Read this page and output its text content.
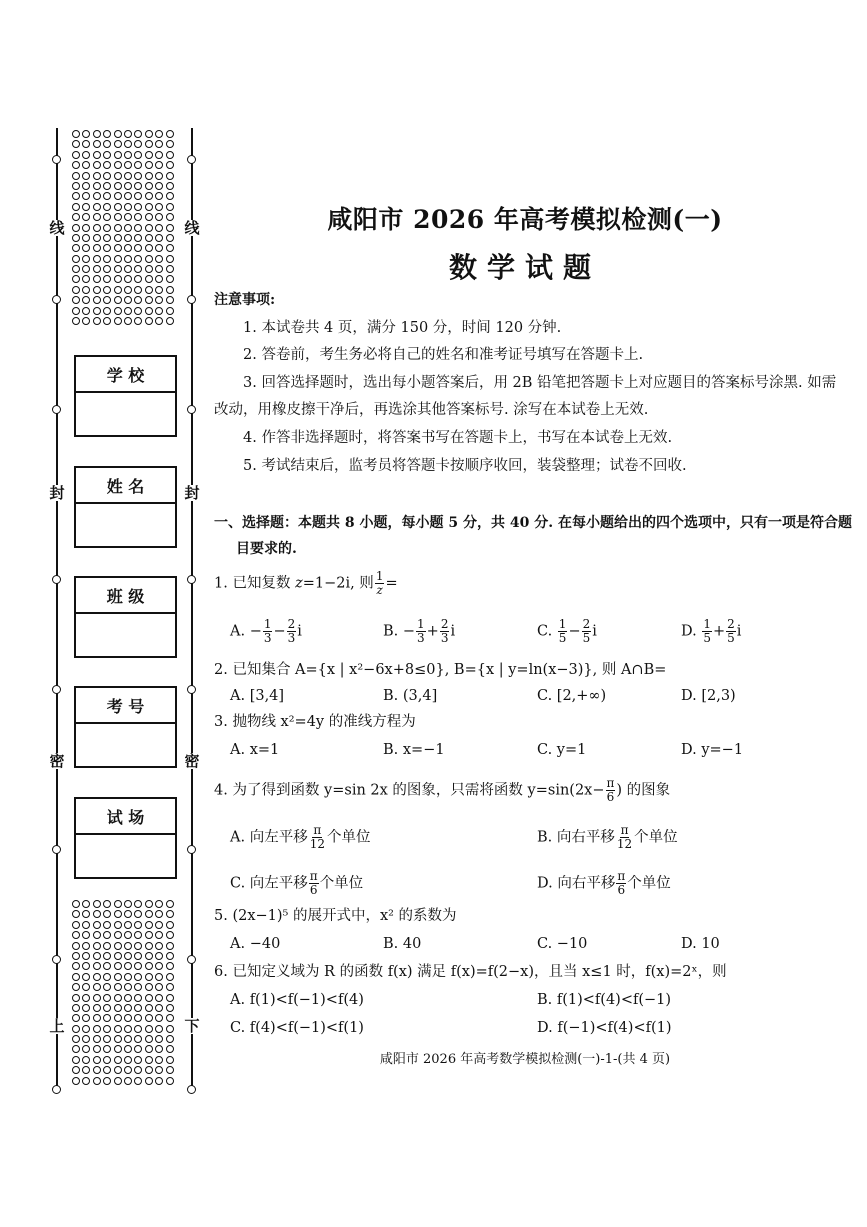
线
封
密
上
线
封
密
下
学 校
姓 名
班 级
考 号
试 场
咸阳市 2026 年高考模拟检测(一)
数学试题
注意事项:
1. 本试卷共 4 页，满分 150 分，时间 120 分钟.
2. 答卷前，考生务必将自己的姓名和准考证号填写在答题卡上.
3. 回答选择题时，选出每小题答案后，用 2B 铅笔把答题卡上对应题目的答案标号涂黑. 如需
改动，用橡皮擦干净后，再选涂其他答案标号. 涂写在本试卷上无效.
4. 作答非选择题时，将答案书写在答题卡上，书写在本试卷上无效.
5. 考试结束后，监考员将答题卡按顺序收回，装袋整理；试卷不回收.
一、选择题：本题共 8 小题，每小题 5 分，共 40 分. 在每小题给出的四个选项中，只有一项是符合题
目要求的.
1. 已知复数 z=1−2i, 则 $\frac{1}{z}$ =
A. − $\frac{1}{3} - \frac{2}{3}$ i	B. − $\frac{1}{3} + \frac{2}{3}$ i	C. $\frac{1}{5} - \frac{2}{5}$ i	D. $\frac{1}{5} + \frac{2}{5}$ i
2. 已知集合 A={x | x²−6x+8≤0}, B={x | y=ln(x−3)}, 则 A∩B=
A. [3,4]	B. (3,4]	C. [2,+∞)	D. [2,3)
3. 抛物线 x²=4y 的准线方程为
A. x=1	B. x=−1	C. y=1	D. y=−1
4. 为了得到函数 y=sin 2x 的图象，只需将函数 $y=\sin(2x- \frac{\pi}{6}$ ) 的图象
A. 向左平移 $\frac{\pi}{12}$ 个单位	B. 向右平移 $\frac{\pi}{12}$ 个单位
C. 向左平移 $\frac{\pi}{6}$ 个单位	D. 向右平移 $\frac{\pi}{6}$ 个单位
5. (2x−1)⁵ 的展开式中，x² 的系数为
A. −40	B. 40	C. −10	D. 10
6. 已知定义域为 R 的函数 f(x) 满足 f(x)=f(2−x)，且当 x≤1 时，f(x)=2ˣ，则
A. f(1)<f(−1)<f(4)	B. f(1)<f(4)<f(−1)
C. f(4)<f(−1)<f(1)	D. f(−1)<f(4)<f(1)
咸阳市 2026 年高考数学模拟检测(一)-1-(共 4 页)
